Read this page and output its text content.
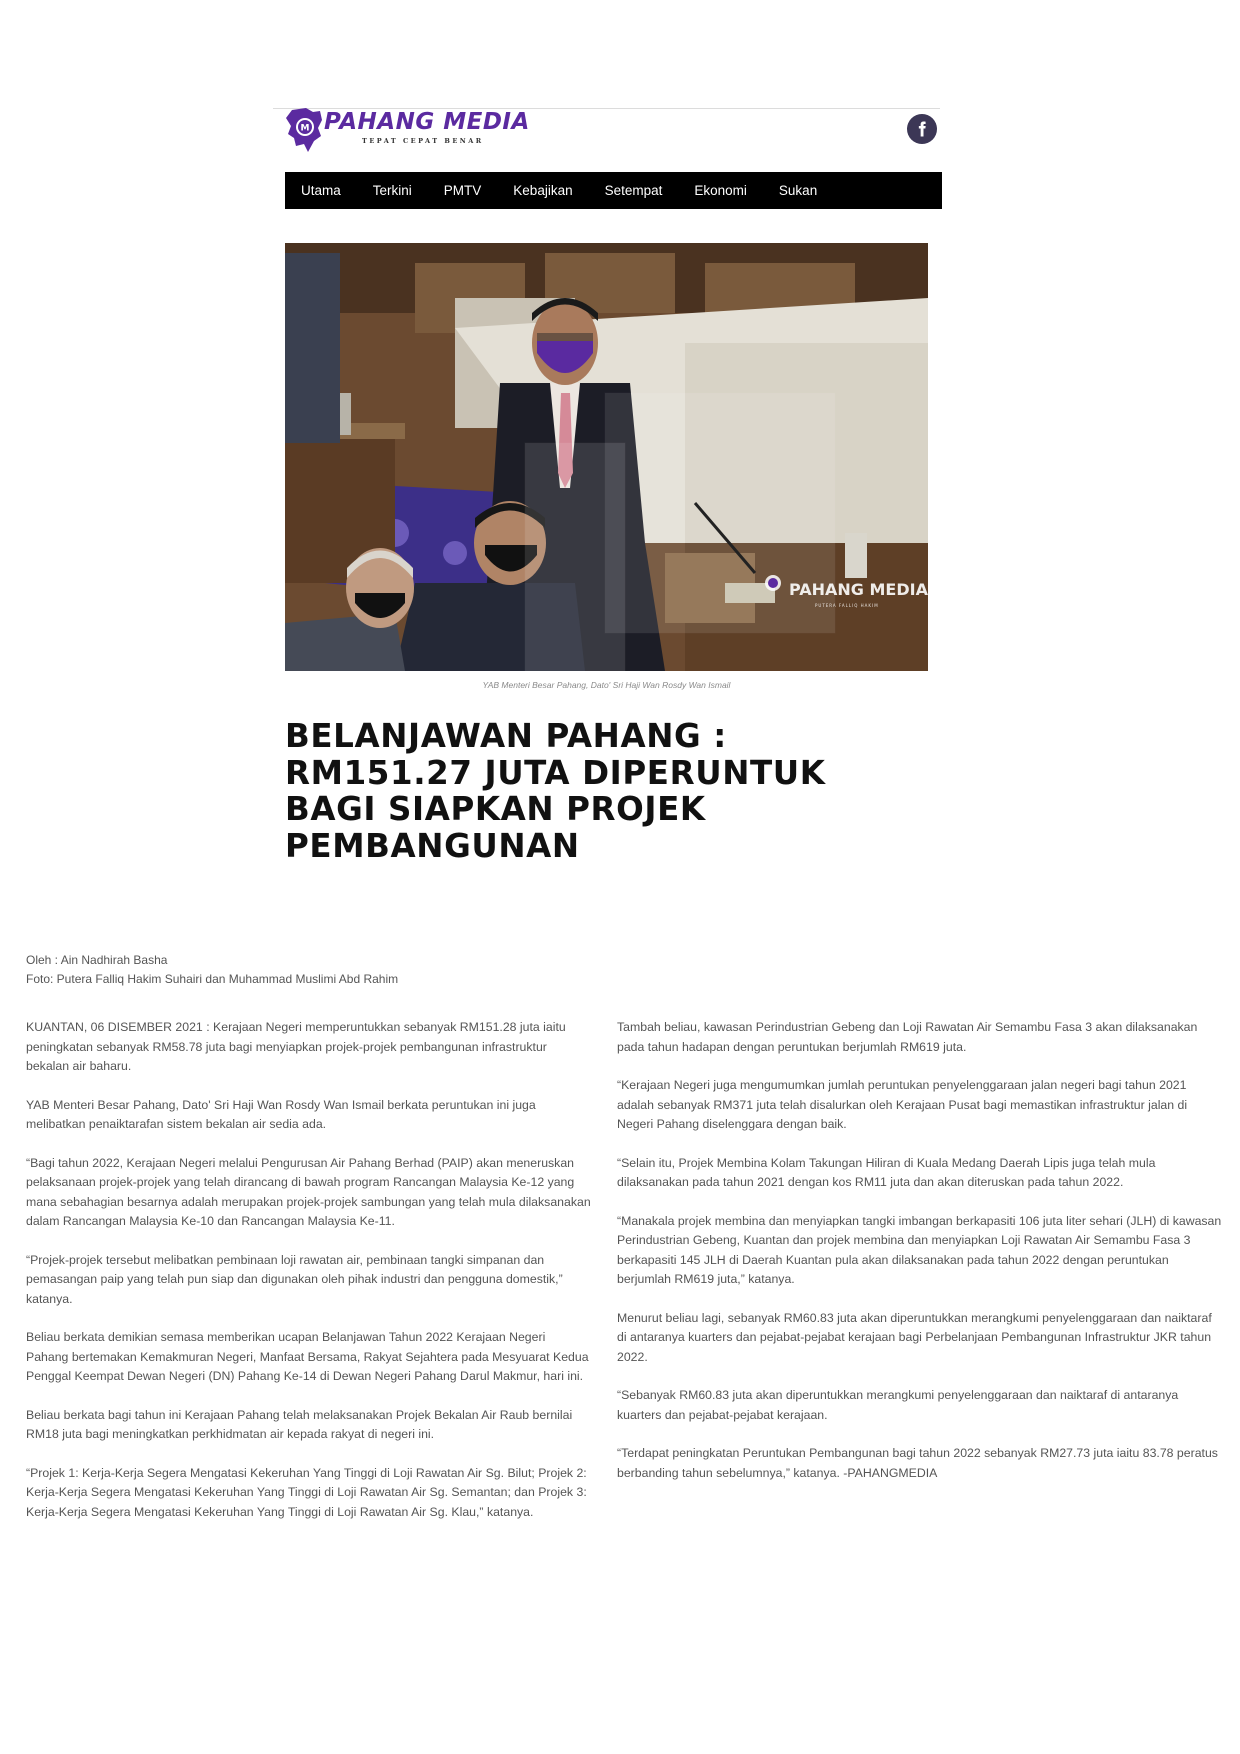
M PAHANG MEDIA
TEPAT CEPAT BENAR
Utama Terkini PMTV Kebajikan Setempat Ekonomi Sukan
PAHANG MEDIA
PUTERA FALLIQ HAKIM
YAB Menteri Besar Pahang, Dato' Sri Haji Wan Rosdy Wan Ismail
BELANJAWAN PAHANG : RM151.27 JUTA DIPERUNTUK BAGI SIAPKAN PROJEK PEMBANGUNAN
Oleh : Ain Nadhirah Basha
Foto: Putera Falliq Hakim Suhairi dan Muhammad Muslimi Abd Rahim

KUANTAN, 06 DISEMBER 2021 : Kerajaan Negeri memperuntukkan sebanyak RM151.28 juta iaitu peningkatan sebanyak RM58.78 juta bagi menyiapkan projek-projek pembangunan infrastruktur bekalan air baharu.

YAB Menteri Besar Pahang, Dato' Sri Haji Wan Rosdy Wan Ismail berkata peruntukan ini juga melibatkan penaiktarafan sistem bekalan air sedia ada.

“Bagi tahun 2022, Kerajaan Negeri melalui Pengurusan Air Pahang Berhad (PAIP) akan meneruskan pelaksanaan projek-projek yang telah dirancang di bawah program Rancangan Malaysia Ke-12 yang mana sebahagian besarnya adalah merupakan projek-projek sambungan yang telah mula dilaksanakan dalam Rancangan Malaysia Ke-10 dan Rancangan Malaysia Ke-11.

“Projek-projek tersebut melibatkan pembinaan loji rawatan air, pembinaan tangki simpanan dan pemasangan paip yang telah pun siap dan digunakan oleh pihak industri dan pengguna domestik,” katanya.

Beliau berkata demikian semasa memberikan ucapan Belanjawan Tahun 2022 Kerajaan Negeri Pahang bertemakan Kemakmuran Negeri, Manfaat Bersama, Rakyat Sejahtera pada Mesyuarat Kedua Penggal Keempat Dewan Negeri (DN) Pahang Ke-14 di Dewan Negeri Pahang Darul Makmur, hari ini.

Beliau berkata bagi tahun ini Kerajaan Pahang telah melaksanakan Projek Bekalan Air Raub bernilai RM18 juta bagi meningkatkan perkhidmatan air kepada rakyat di negeri ini.

“Projek 1: Kerja-Kerja Segera Mengatasi Kekeruhan Yang Tinggi di Loji Rawatan Air Sg. Bilut; Projek 2: Kerja-Kerja Segera Mengatasi Kekeruhan Yang Tinggi di Loji Rawatan Air Sg. Semantan; dan Projek 3: Kerja-Kerja Segera Mengatasi Kekeruhan Yang Tinggi di Loji Rawatan Air Sg. Klau,” katanya.

Tambah beliau, kawasan Perindustrian Gebeng dan Loji Rawatan Air Semambu Fasa 3 akan dilaksanakan pada tahun hadapan dengan peruntukan berjumlah RM619 juta.

“Kerajaan Negeri juga mengumumkan jumlah peruntukan penyelenggaraan jalan negeri bagi tahun 2021 adalah sebanyak RM371 juta telah disalurkan oleh Kerajaan Pusat bagi memastikan infrastruktur jalan di Negeri Pahang diselenggara dengan baik.

“Selain itu, Projek Membina Kolam Takungan Hiliran di Kuala Medang Daerah Lipis juga telah mula dilaksanakan pada tahun 2021 dengan kos RM11 juta dan akan diteruskan pada tahun 2022.

“Manakala projek membina dan menyiapkan tangki imbangan berkapasiti 106 juta liter sehari (JLH) di kawasan Perindustrian Gebeng, Kuantan dan projek membina dan menyiapkan Loji Rawatan Air Semambu Fasa 3 berkapasiti 145 JLH di Daerah Kuantan pula akan dilaksanakan pada tahun 2022 dengan peruntukan berjumlah RM619 juta,” katanya.

Menurut beliau lagi, sebanyak RM60.83 juta akan diperuntukkan merangkumi penyelenggaraan dan naiktaraf di antaranya kuarters dan pejabat-pejabat kerajaan bagi Perbelanjaan Pembangunan Infrastruktur JKR tahun 2022.

“Sebanyak RM60.83 juta akan diperuntukkan merangkumi penyelenggaraan dan naiktaraf di antaranya kuarters dan pejabat-pejabat kerajaan.

“Terdapat peningkatan Peruntukan Pembangunan bagi tahun 2022 sebanyak RM27.73 juta iaitu 83.78 peratus berbanding tahun sebelumnya,” katanya. -PAHANGMEDIA
